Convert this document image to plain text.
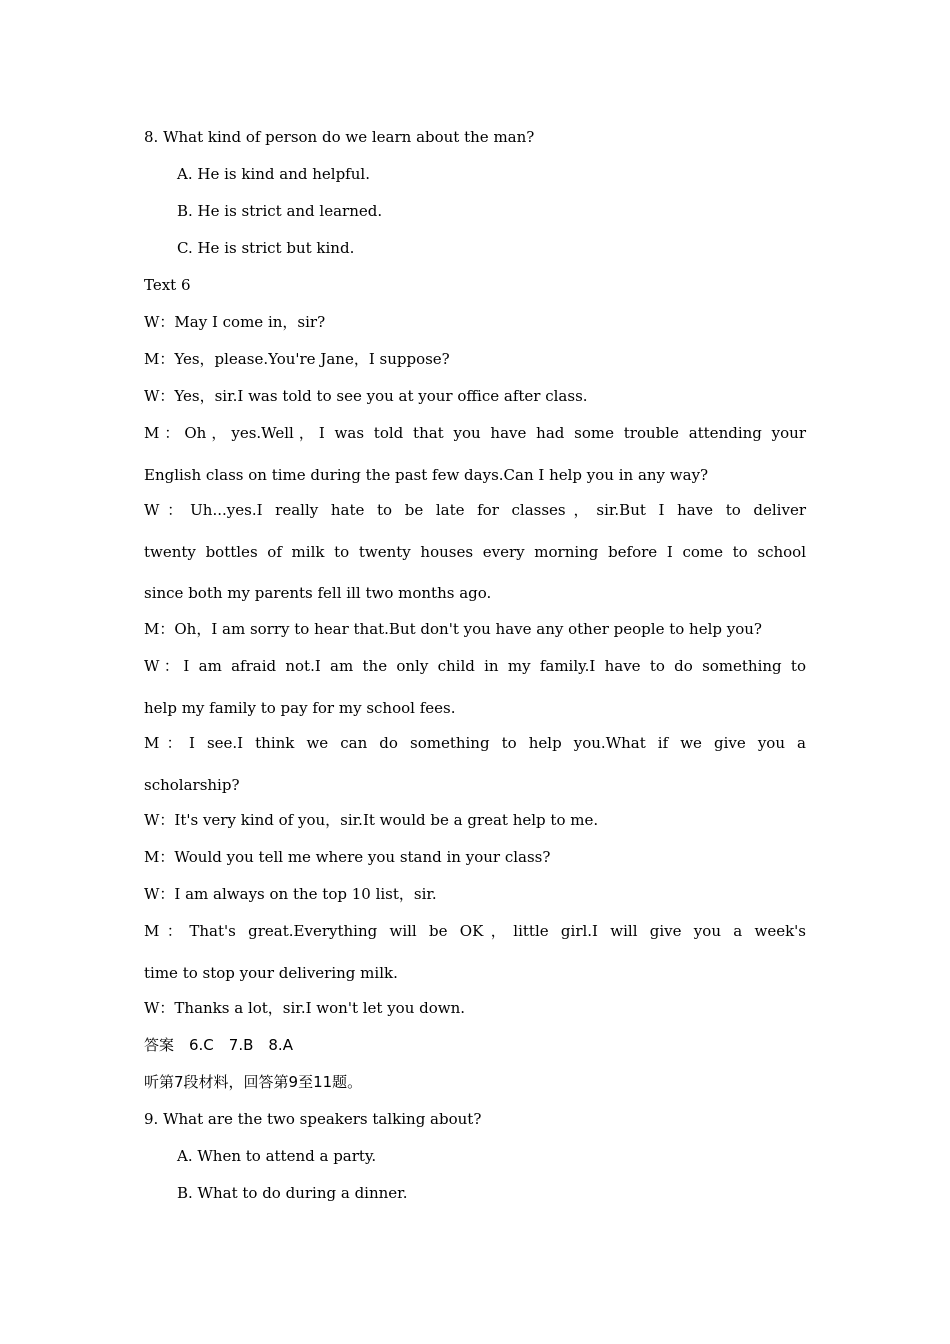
8. What kind of person do we learn about the man?
A. He is kind and helpful.
B. He is strict and learned.
C. He is strict but kind.
Text 6
W：May I come in，sir?
M：Yes，please.You're Jane，I suppose?
W：Yes，sir.I was told to see you at your office after class.
M：Oh，yes.Well，I was told that you have had some trouble attending your
English class on time during the past few days.Can I help you in any way?
W：Uh...yes.I really hate to be late for classes，sir.But I have to deliver
twenty bottles of milk to twenty houses every morning before I come to school
since both my parents fell ill two months ago.
M：Oh，I am sorry to hear that.But don't you have any other people to help you?
W：I am afraid not.I am the only child in my family.I have to do something to
help my family to pay for my school fees.
M：I see.I think we can do something to help you.What if we give you a
scholarship?
W：It's very kind of you，sir.It would be a great help to me.
M：Would you tell me where you stand in your class?
W：I am always on the top 10 list，sir.
M：That's great.Everything will be OK，little girl.I will give you a week's
time to stop your delivering milk.
W：Thanks a lot，sir.I won't let you down.
答案　6.C　7.B　8.A
听第7段材料，回答第9至11题。
9. What are the two speakers talking about?
A. When to attend a party.
B. What to do during a dinner.
